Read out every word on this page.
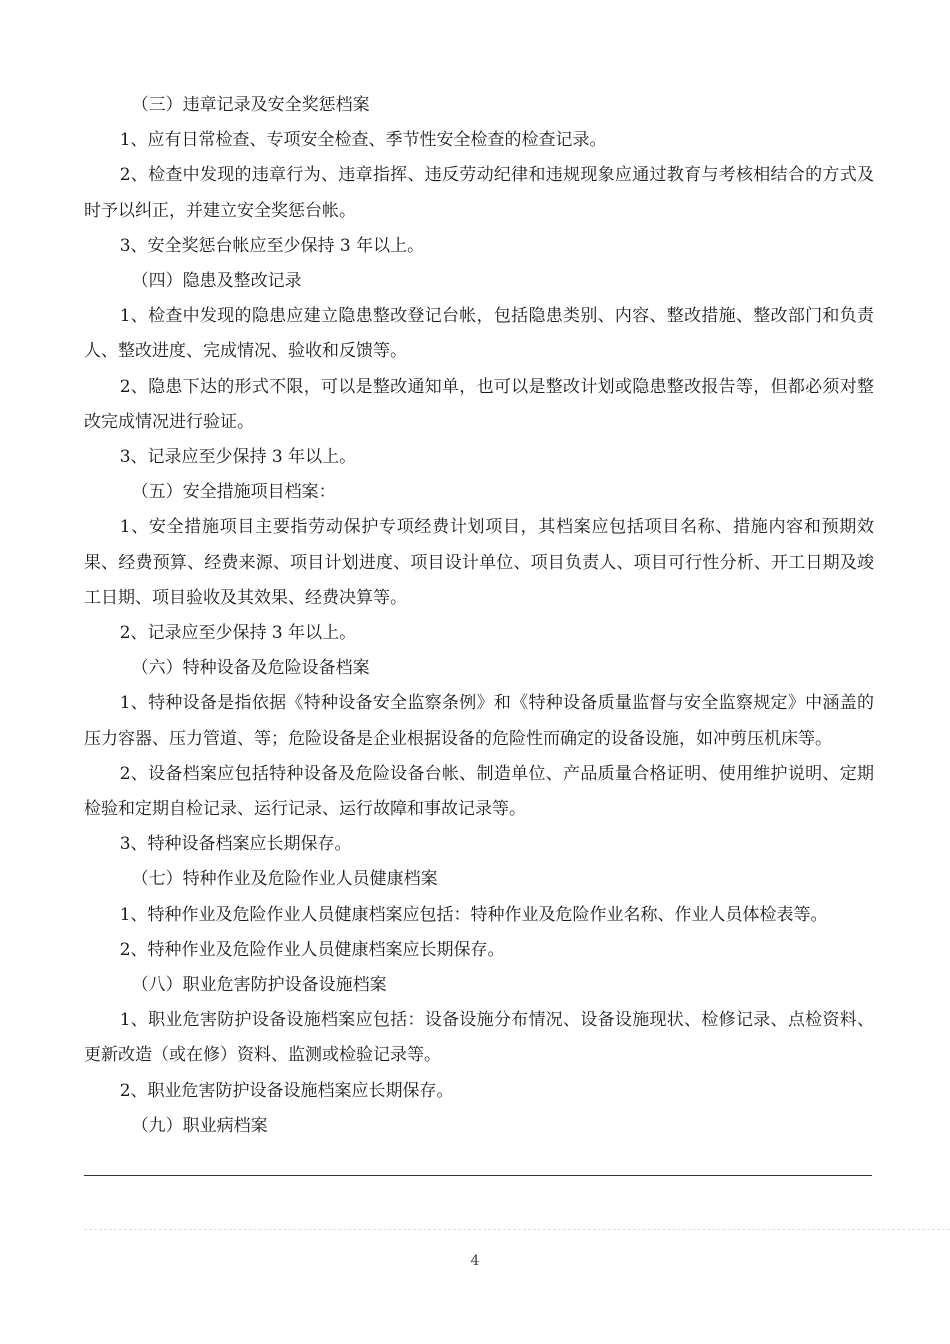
（三）违章记录及安全奖惩档案

1、应有日常检查、专项安全检查、季节性安全检查的检查记录。

2、检查中发现的违章行为、违章指挥、违反劳动纪律和违规现象应通过教育与考核相结合的方式及时予以纠正，并建立安全奖惩台帐。

3、安全奖惩台帐应至少保持 3 年以上。

（四）隐患及整改记录

1、检查中发现的隐患应建立隐患整改登记台帐，包括隐患类别、内容、整改措施、整改部门和负责人、整改进度、完成情况、验收和反馈等。

2、隐患下达的形式不限，可以是整改通知单，也可以是整改计划或隐患整改报告等，但都必须对整改完成情况进行验证。

3、记录应至少保持 3 年以上。

（五）安全措施项目档案：

1、安全措施项目主要指劳动保护专项经费计划项目，其档案应包括项目名称、措施内容和预期效果、经费预算、经费来源、项目计划进度、项目设计单位、项目负责人、项目可行性分析、开工日期及竣工日期、项目验收及其效果、经费决算等。

2、记录应至少保持 3 年以上。

（六）特种设备及危险设备档案

1、特种设备是指依据《特种设备安全监察条例》和《特种设备质量监督与安全监察规定》中涵盖的压力容器、压力管道、等；危险设备是企业根据设备的危险性而确定的设备设施，如冲剪压机床等。

2、设备档案应包括特种设备及危险设备台帐、制造单位、产品质量合格证明、使用维护说明、定期检验和定期自检记录、运行记录、运行故障和事故记录等。

3、特种设备档案应长期保存。

（七）特种作业及危险作业人员健康档案

1、特种作业及危险作业人员健康档案应包括：特种作业及危险作业名称、作业人员体检表等。

2、特种作业及危险作业人员健康档案应长期保存。

（八）职业危害防护设备设施档案

1、职业危害防护设备设施档案应包括：设备设施分布情况、设备设施现状、检修记录、点检资料、更新改造（或在修）资料、监测或检验记录等。

2、职业危害防护设备设施档案应长期保存。

（九）职业病档案

4
